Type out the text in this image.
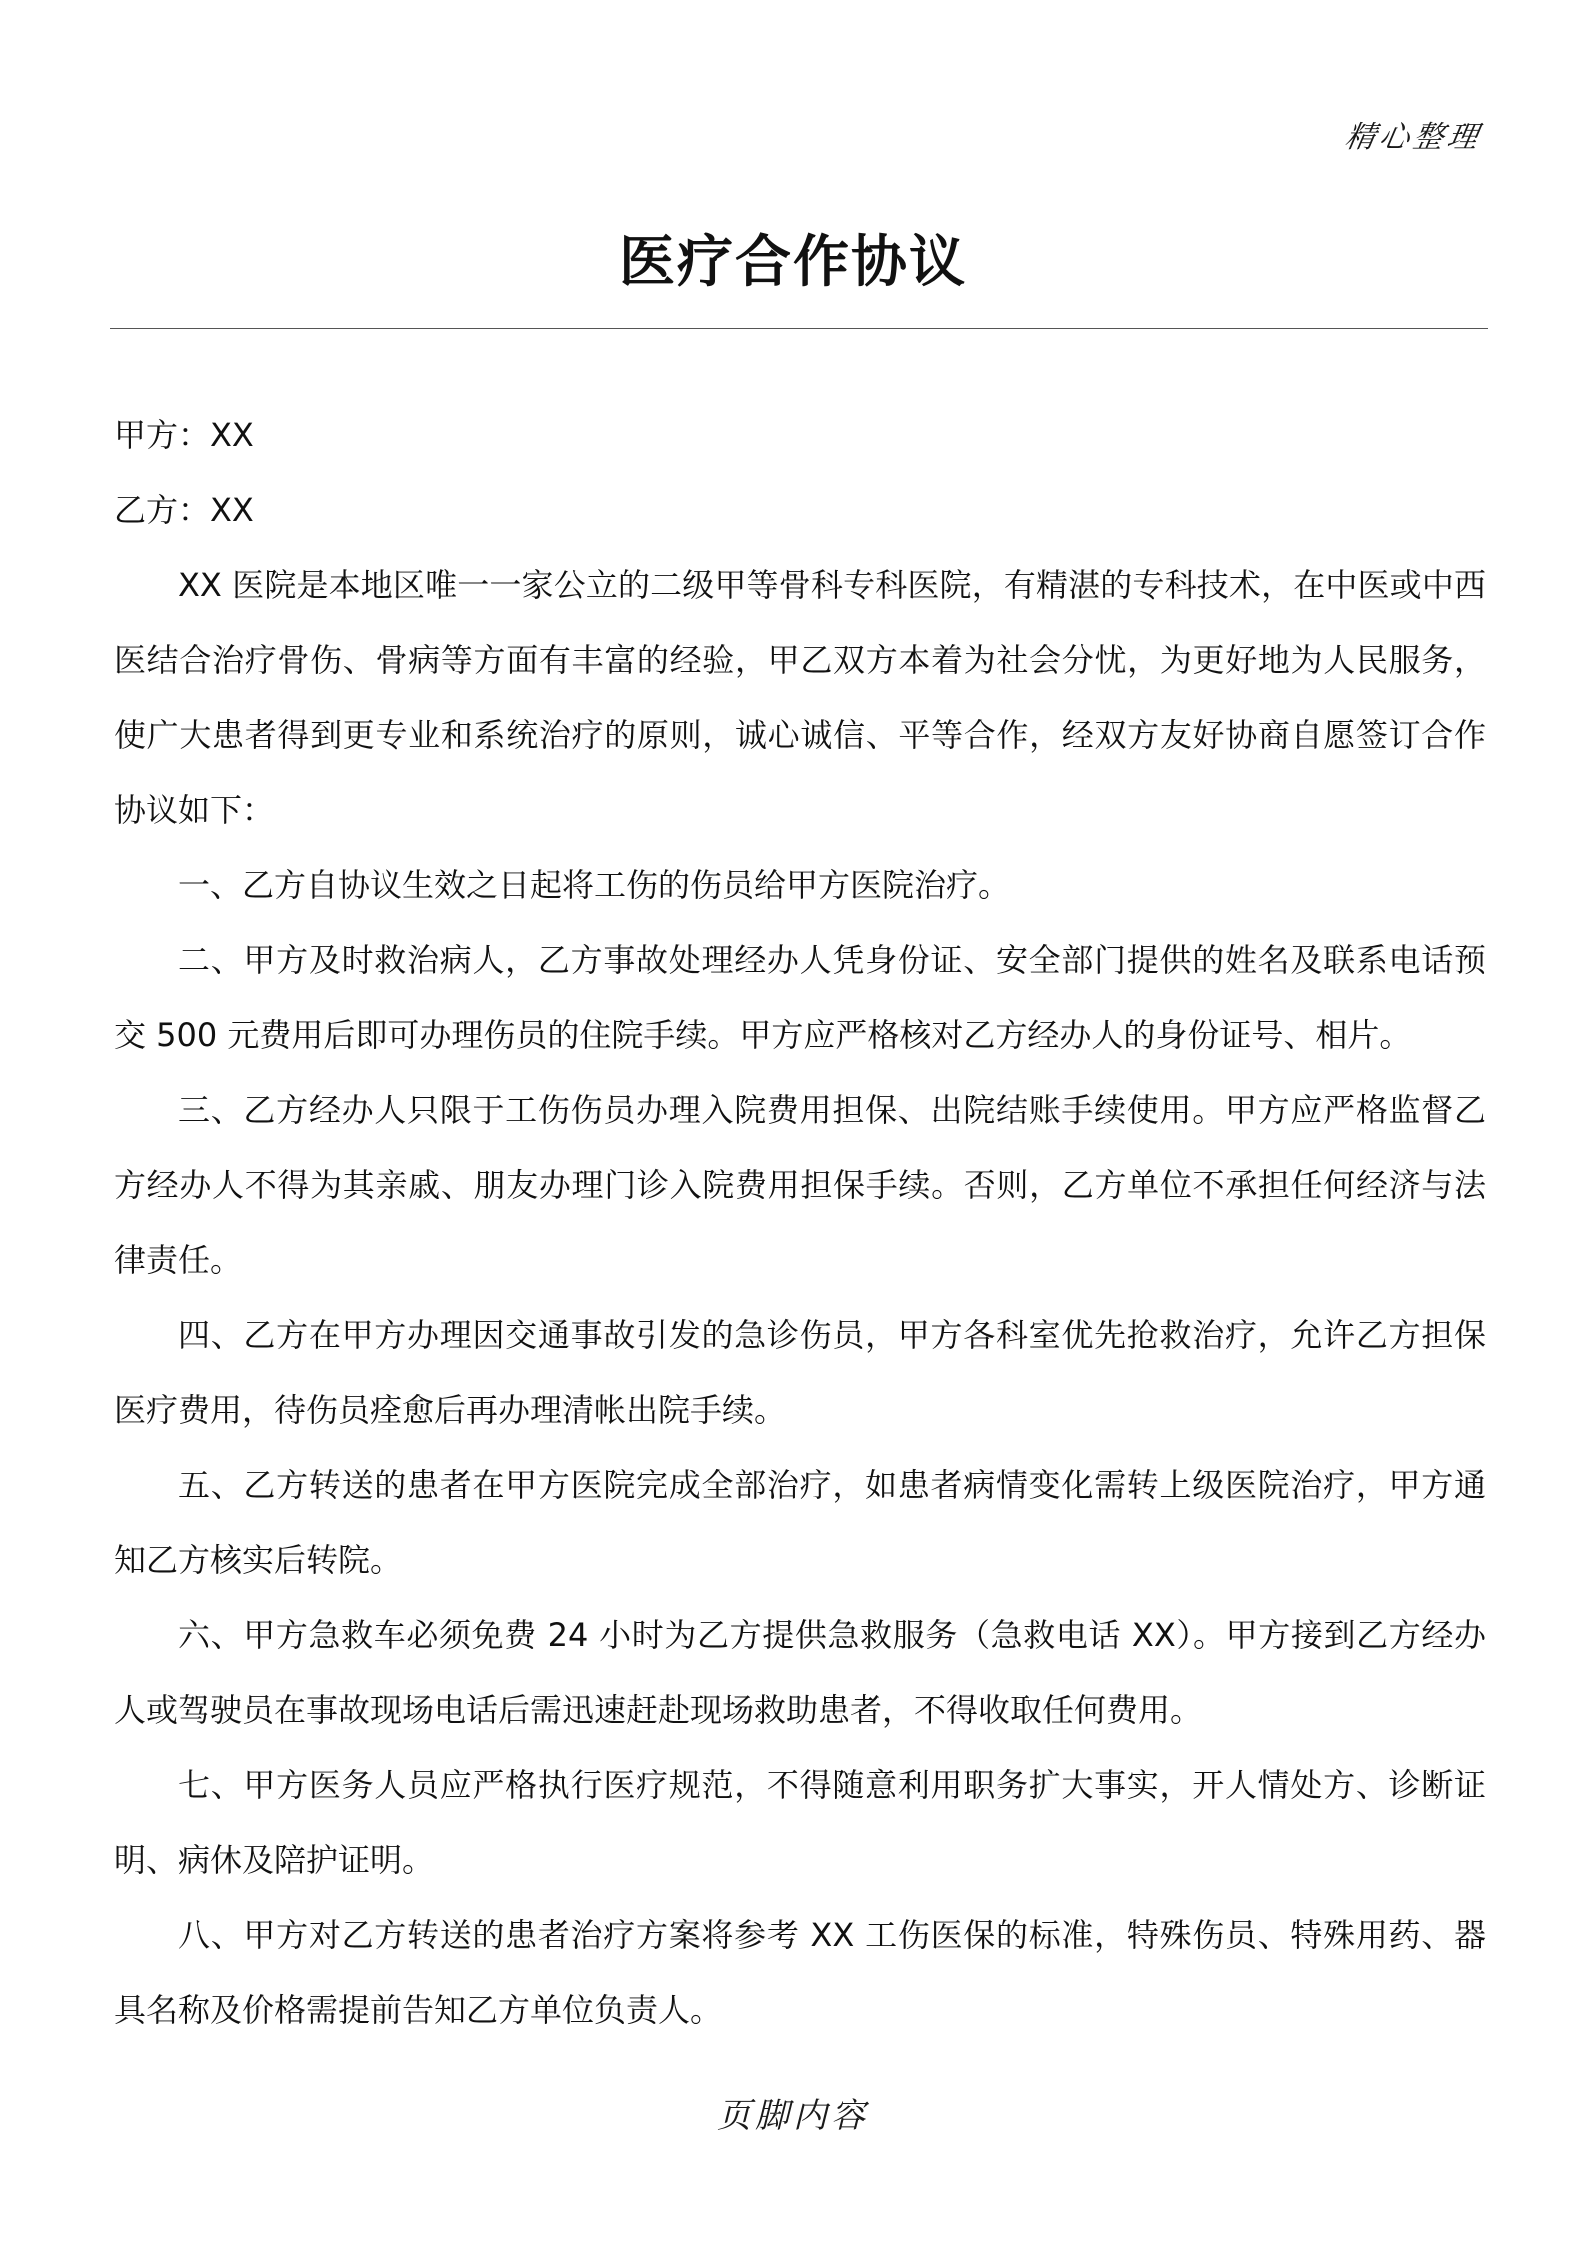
精心整理
医疗合作协议

甲方：XX

乙方：XX

XX 医院是本地区唯一一家公立的二级甲等骨科专科医院，有精湛的专科技术，在中医或中西医结合治疗骨伤、骨病等方面有丰富的经验，甲乙双方本着为社会分忧，为更好地为人民服务，使广大患者得到更专业和系统治疗的原则，诚心诚信、平等合作，经双方友好协商自愿签订合作协议如下：

一、乙方自协议生效之日起将工伤的伤员给甲方医院治疗。

二、甲方及时救治病人，乙方事故处理经办人凭身份证、安全部门提供的姓名及联系电话预交 500 元费用后即可办理伤员的住院手续。甲方应严格核对乙方经办人的身份证号、相片。

三、乙方经办人只限于工伤伤员办理入院费用担保、出院结账手续使用。甲方应严格监督乙方经办人不得为其亲戚、朋友办理门诊入院费用担保手续。否则，乙方单位不承担任何经济与法律责任。

四、乙方在甲方办理因交通事故引发的急诊伤员，甲方各科室优先抢救治疗，允许乙方担保医疗费用，待伤员痊愈后再办理清帐出院手续。

五、乙方转送的患者在甲方医院完成全部治疗，如患者病情变化需转上级医院治疗，甲方通知乙方核实后转院。

六、甲方急救车必须免费 24 小时为乙方提供急救服务（急救电话 XX）。甲方接到乙方经办人或驾驶员在事故现场电话后需迅速赶赴现场救助患者，不得收取任何费用。

七、甲方医务人员应严格执行医疗规范，不得随意利用职务扩大事实，开人情处方、诊断证明、病休及陪护证明。

八、甲方对乙方转送的患者治疗方案将参考 XX 工伤医保的标准，特殊伤员、特殊用药、器具名称及价格需提前告知乙方单位负责人。

页脚内容
